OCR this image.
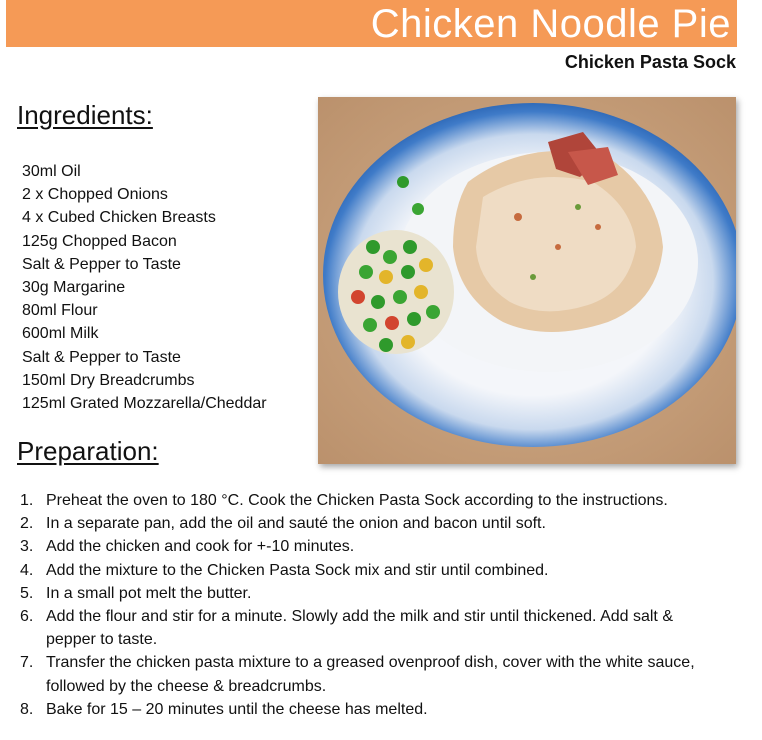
Chicken Noodle Pie
Chicken Pasta Sock
Ingredients:
30ml Oil
2 x Chopped Onions
4 x Cubed Chicken Breasts
125g Chopped Bacon
Salt & Pepper to Taste
30g Margarine
80ml Flour
600ml Milk
Salt & Pepper to Taste
150ml Dry Breadcrumbs
125ml Grated Mozzarella/Cheddar
Preparation:
1. Preheat the oven to 180 °C. Cook the Chicken Pasta Sock according to the instructions.
2. In a separate pan, add the oil and sauté the onion and bacon until soft.
3. Add the chicken and cook for +-10 minutes.
4. Add the mixture to the Chicken Pasta Sock mix and stir until combined.
5. In a small pot melt the butter.
6. Add the flour and stir for a minute. Slowly add the milk and stir until thickened. Add salt & pepper to taste.
7. Transfer the chicken pasta mixture to a greased ovenproof dish, cover with the white sauce, followed by the cheese & breadcrumbs.
8. Bake for 15 – 20 minutes until the cheese has melted.
